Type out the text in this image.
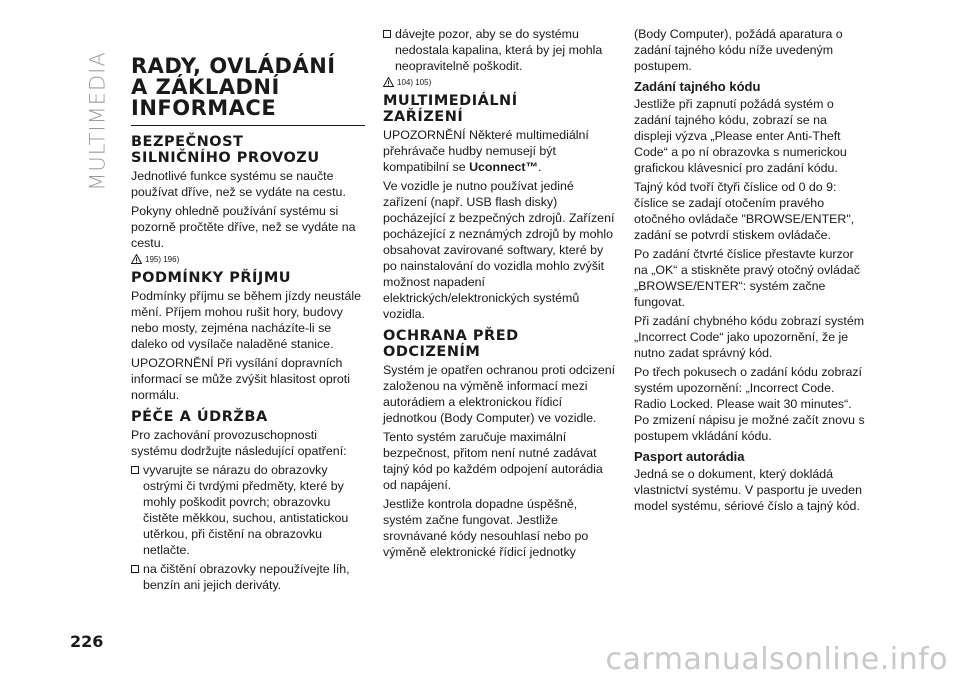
MULTIMEDIA RADY, OVLÁDÁNÍ
A ZÁKLADNÍ
INFORMACE
BEZPEČNOST
SILNIČNÍHO PROVOZU

Jednotlivé funkce systému se naučte používat dříve, než se vydáte na cestu.

Pokyny ohledně používání systému si pozorně pročtěte dříve, než se vydáte na cestu.

195) 196)
PODMÍNKY PŘÍJMU

Podmínky příjmu se během jízdy neustále mění. Příjem mohou rušit hory, budovy nebo mosty, zejména nacházíte-li se daleko od vysílače naladěné stanice.

UPOZORNĚNÍ Při vysílání dopravních informací se může zvýšit hlasitost oproti normálu.

PÉČE A ÚDRŽBA

Pro zachování provozuschopnosti systému dodržujte následující opatření:

vyvarujte se nárazu do obrazovky ostrými či tvrdými předměty, které by mohly poškodit povrch; obrazovku čistěte měkkou, suchou, antistatickou utěrkou, při čistění na obrazovku netlačte.

na čištění obrazovky nepoužívejte líh, benzín ani jejich deriváty.

dávejte pozor, aby se do systému nedostala kapalina, která by jej mohla neopravitelně poškodit.

104) 105)
MULTIMEDIÁLNÍ
ZAŘÍZENÍ

UPOZORNĚNÍ Některé multimediální přehrávače hudby nemusejí být kompatibilní se Uconnect™.

Ve vozidle je nutno používat jediné zařízení (např. USB flash disky) pocházející z bezpečných zdrojů. Zařízení pocházející z neznámých zdrojů by mohlo obsahovat zavirované softwary, které by po nainstalování do vozidla mohlo zvýšit možnost napadení elektrických/elektronických systémů vozidla.

OCHRANA PŘED
ODCIZENÍM

Systém je opatřen ochranou proti odcizení založenou na výměně informací mezi autorádiem a elektronickou řídicí jednotkou (Body Computer) ve vozidle.

Tento systém zaručuje maximální bezpečnost, přitom není nutné zadávat tajný kód po každém odpojení autorádia od napájení.

Jestliže kontrola dopadne úspěšně, systém začne fungovat. Jestliže srovnávané kódy nesouhlasí nebo po výměně elektronické řídicí jednotky

(Body Computer), požádá aparatura o zadání tajného kódu níže uvedeným postupem.

Zadání tajného kódu

Jestliže při zapnutí požádá systém o zadání tajného kódu, zobrazí se na displeji výzva „Please enter Anti-Theft Code“ a po ní obrazovka s numerickou grafickou klávesnicí pro zadání kódu.

Tajný kód tvoří čtyři číslice od 0 do 9: číslice se zadají otočením pravého otočného ovládače "BROWSE/ENTER", zadání se potvrdí stiskem ovládače.

Po zadání čtvrté číslice přestavte kurzor na „OK“ a stiskněte pravý otočný ovládač „BROWSE/ENTER“: systém začne fungovat.

Při zadání chybného kódu zobrazí systém „Incorrect Code“ jako upozornění, že je nutno zadat správný kód.

Po třech pokusech o zadání kódu zobrazí systém upozornění: „Incorrect Code. Radio Locked. Please wait 30 minutes“. Po zmizení nápisu je možné začít znovu s postupem vkládání kódu.

Pasport autorádia

Jedná se o dokument, který dokládá vlastnictví systému. V pasportu je uveden model systému, sériové číslo a tajný kód.

226
carmanualsonline.info
